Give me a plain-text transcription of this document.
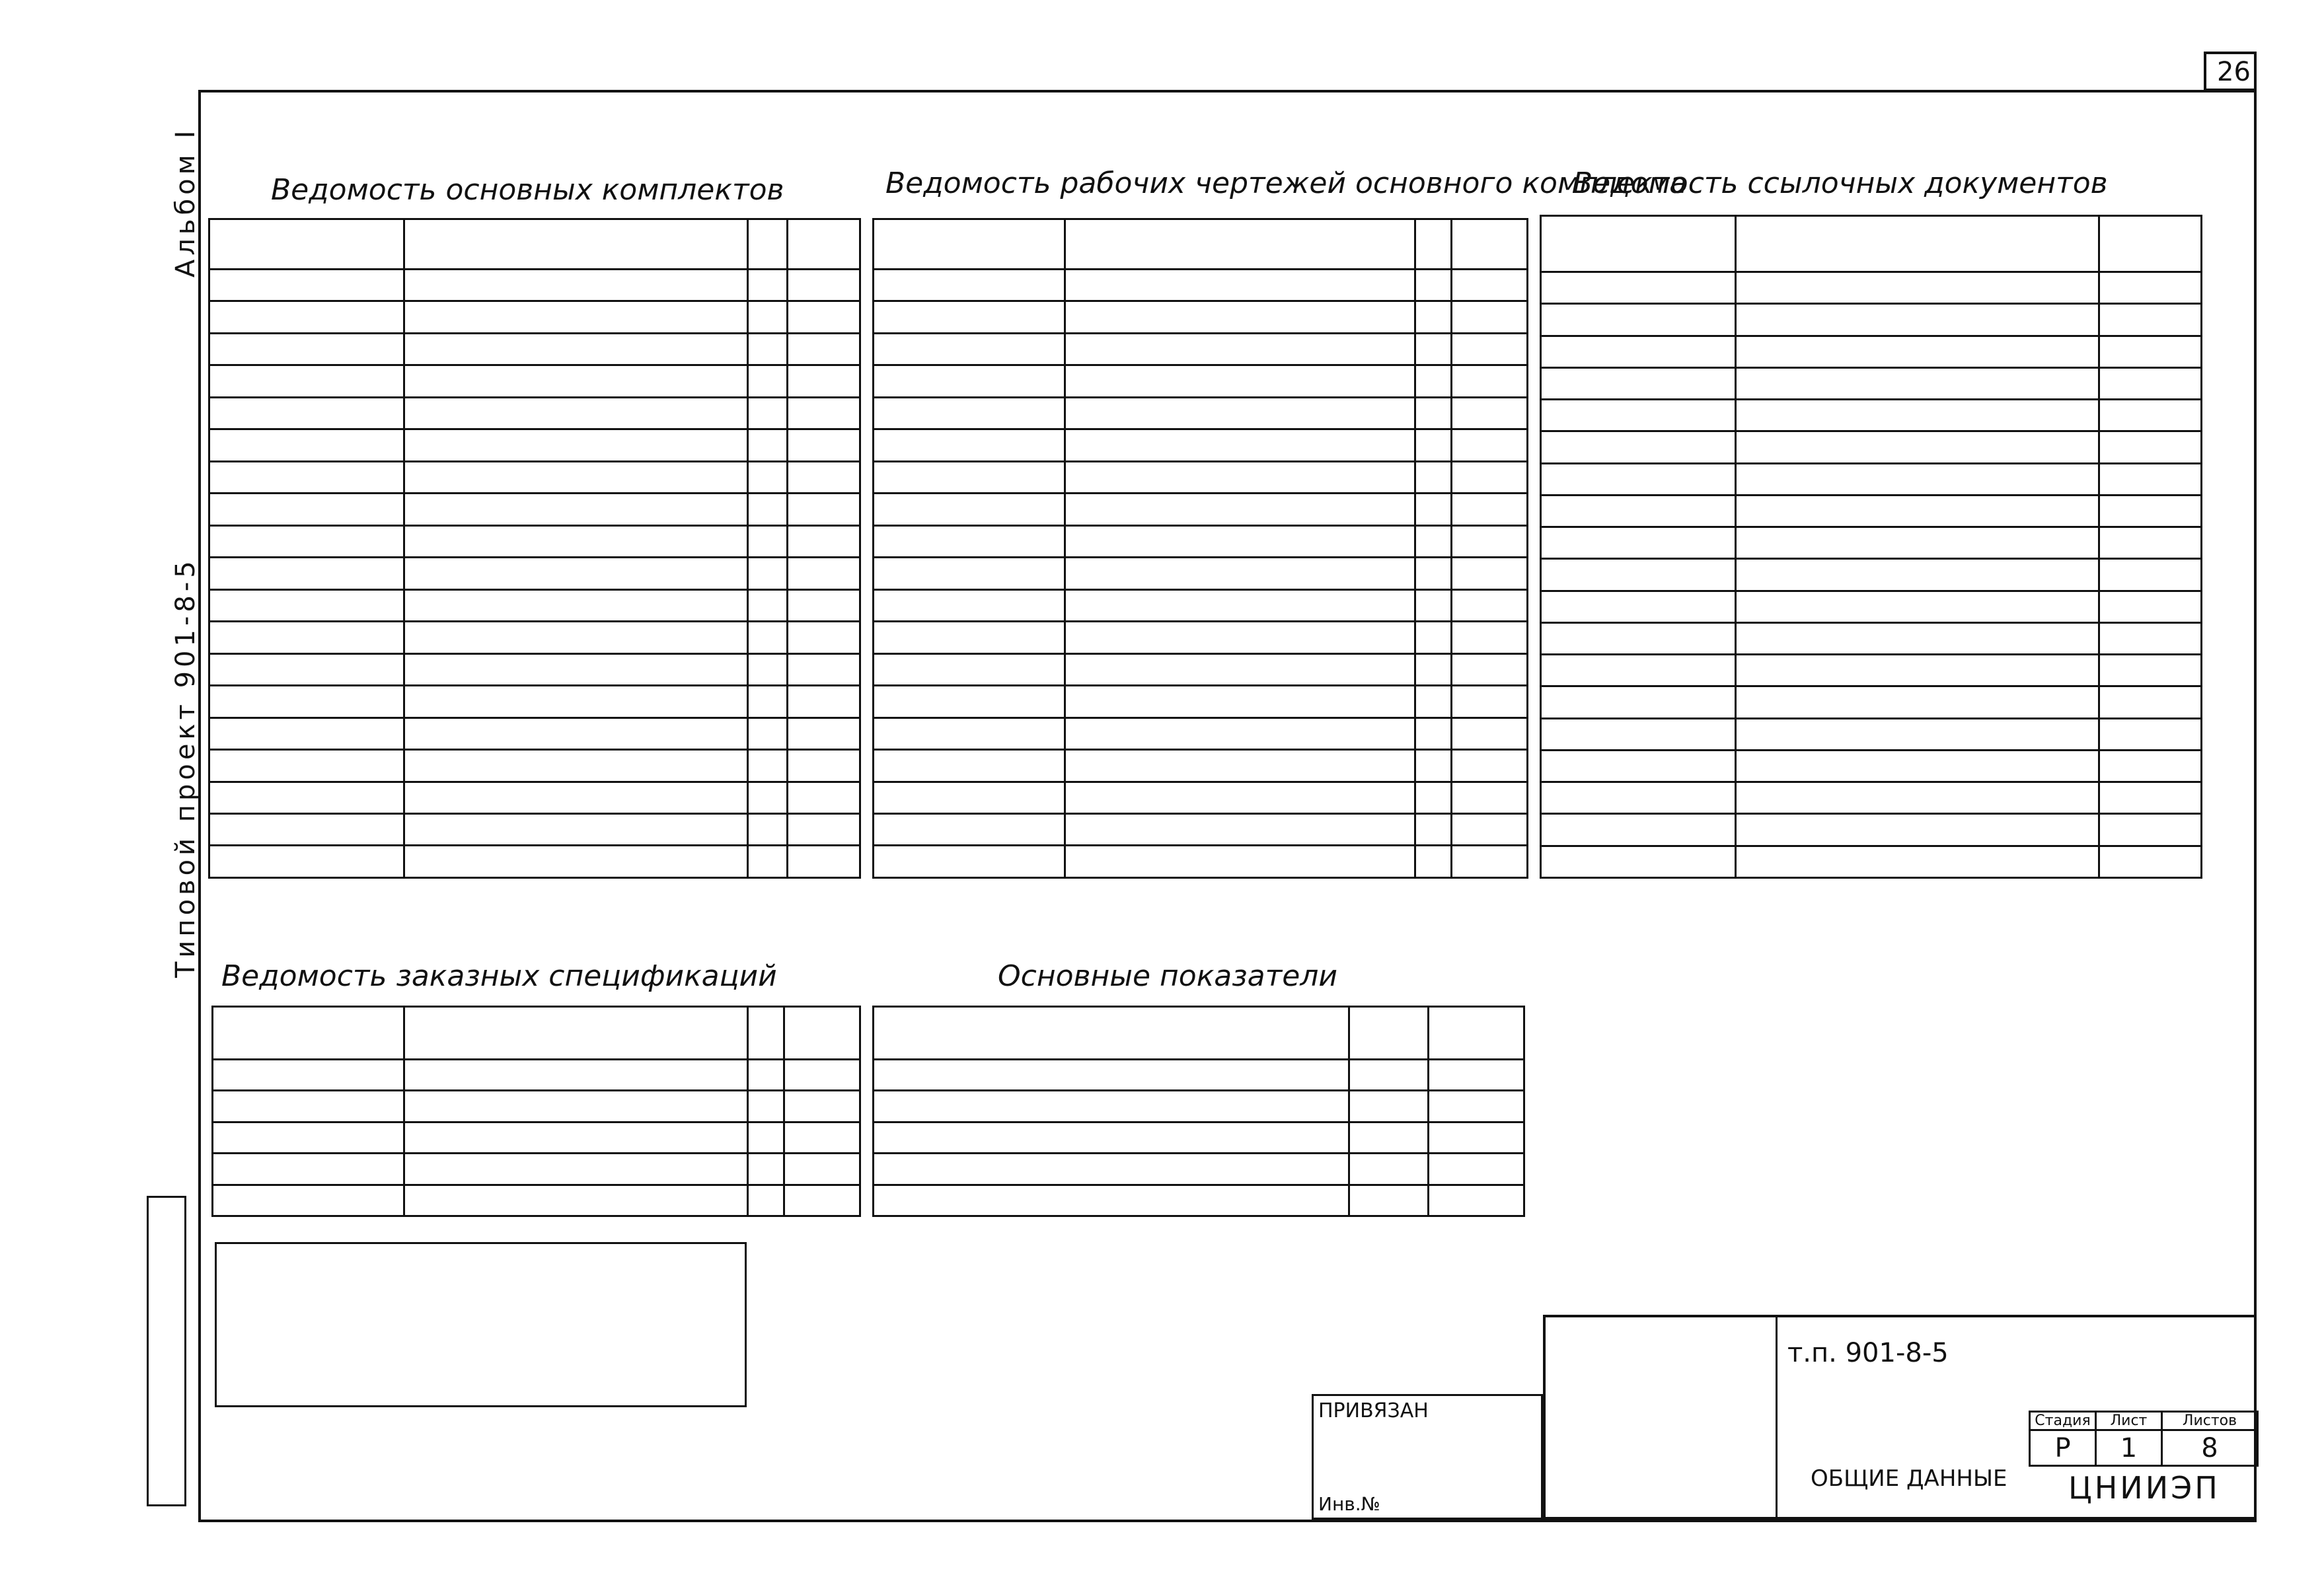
26
Альбом I
Типовой проект 901-8-5
Ведомость основных комплектов

				Ведомость рабочих чертежей основного комплекта

Ведомость ссылочных документов

Ведомость заказных спецификаций

				Основные показатели

ПРИВЯЗАН
Инв.№
т.п. 901-8-5
ОБЩИЕ ДАННЫЕ
Стадия	Лист	Листов
Р	1	8
ЦНИИЭП
